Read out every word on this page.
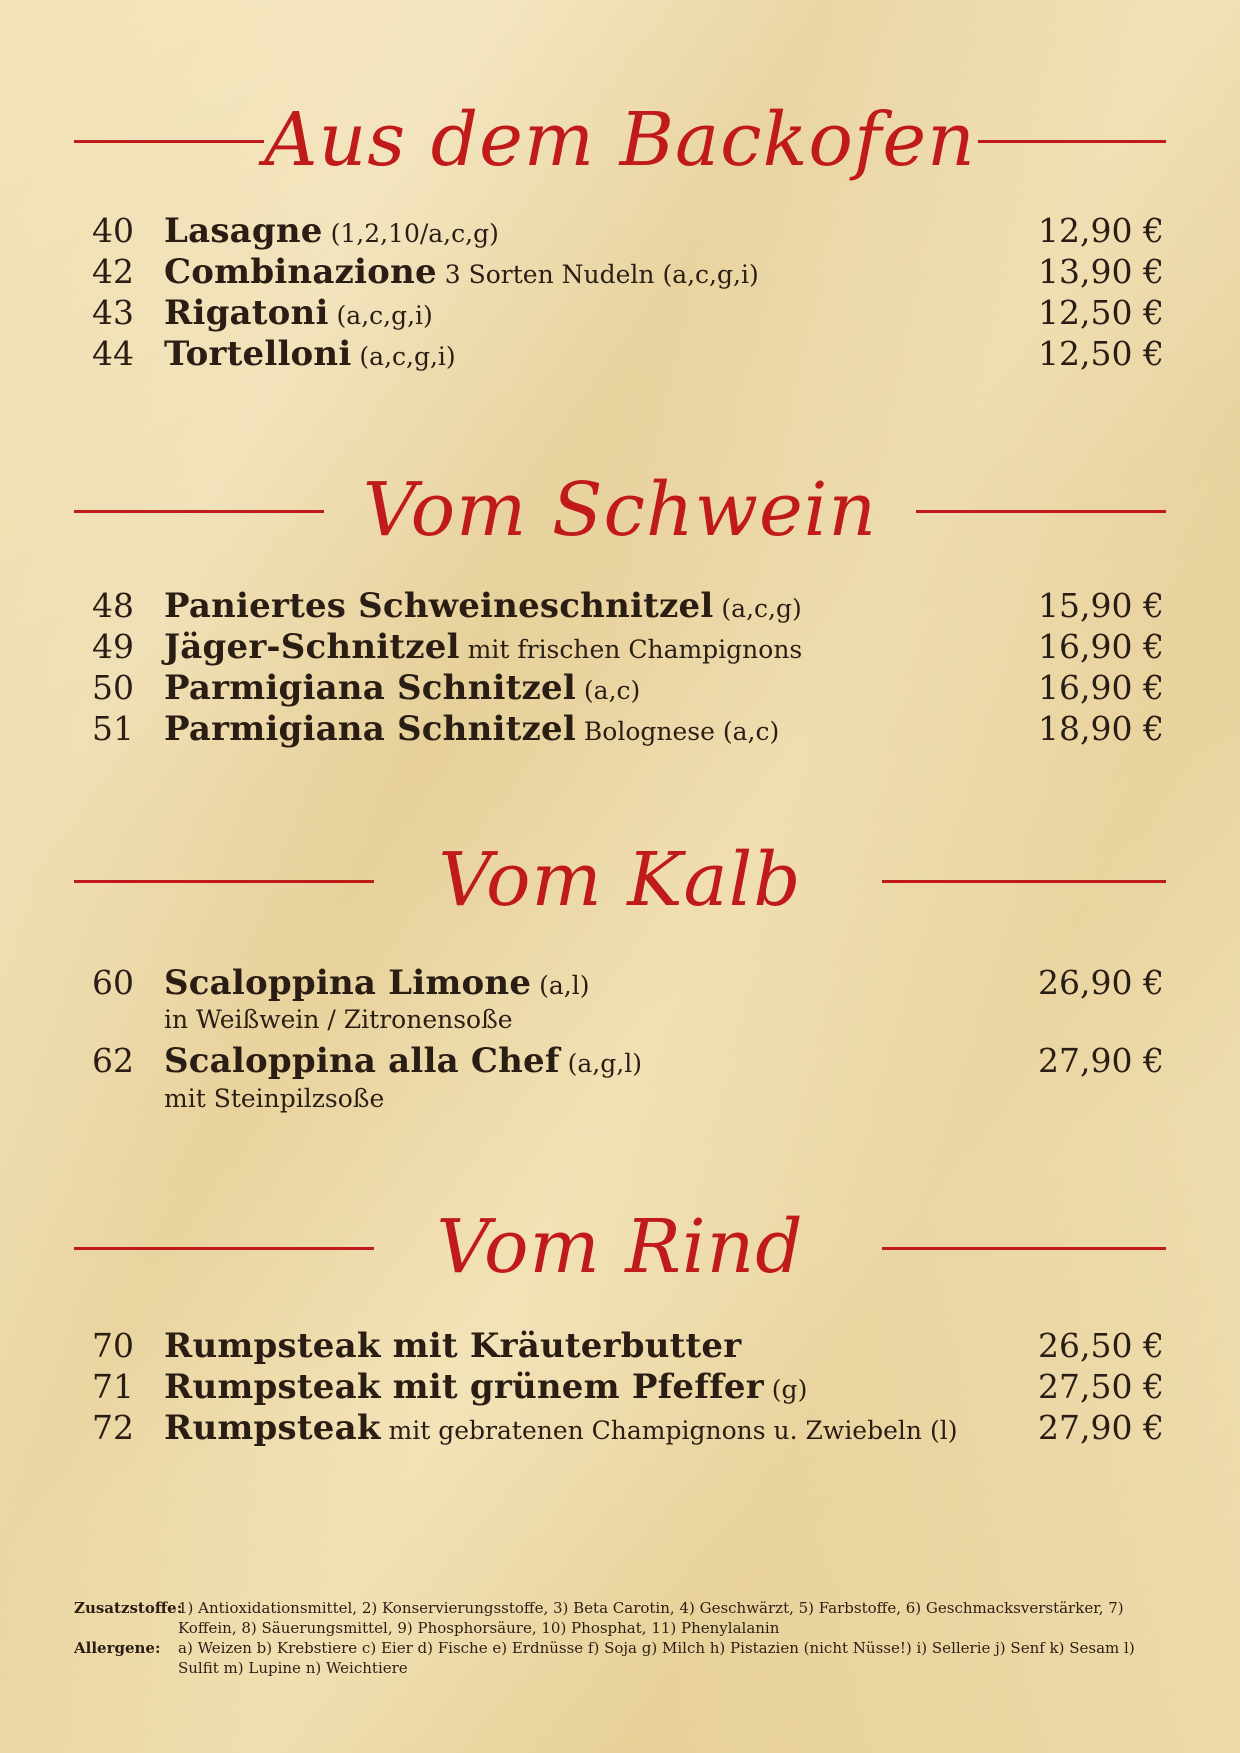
Aus dem Backofen
40 Lasagne (1,2,10/a,c,g)	12,90 €
42 Combinazione 3 Sorten Nudeln (a,c,g,i)	13,90 €
43 Rigatoni (a,c,g,i)	12,50 €
44 Tortelloni (a,c,g,i)	12,50 €
Vom Schwein
48 Paniertes Schweineschnitzel (a,c,g)	15,90 €
49 Jäger-Schnitzel mit frischen Champignons	16,90 €
50 Parmigiana Schnitzel (a,c)	16,90 €
51 Parmigiana Schnitzel Bolognese (a,c)	18,90 €
Vom Kalb
60 Scaloppina Limone (a,l)	26,90 €
in Weißwein / Zitronensoße
62 Scaloppina alla Chef (a,g,l)	27,90 €
mit Steinpilzsoße
Vom Rind
70 Rumpsteak mit Kräuterbutter	26,50 €
71 Rumpsteak mit grünem Pfeffer (g)	27,50 €
72 Rumpsteak mit gebratenen Champignons u. Zwiebeln (l) 27,90 €
Zusatzstoffe:
1) Antioxidationsmittel, 2) Konservierungsstoffe, 3) Beta Carotin, 4) Geschwärzt, 5) Farbstoffe, 6) Geschmacksverstärker, 7) Koffein, 8) Säuerungsmittel, 9) Phosphorsäure, 10) Phosphat, 11) Phenylalanin
Allergene:	a) Weizen b) Krebstiere c) Eier d) Fische e) Erdnüsse f) Soja g) Milch h) Pistazien (nicht Nüsse!) i) Sellerie j) Senf k) Sesam l) Sulfit m) Lupine n) Weichtiere
